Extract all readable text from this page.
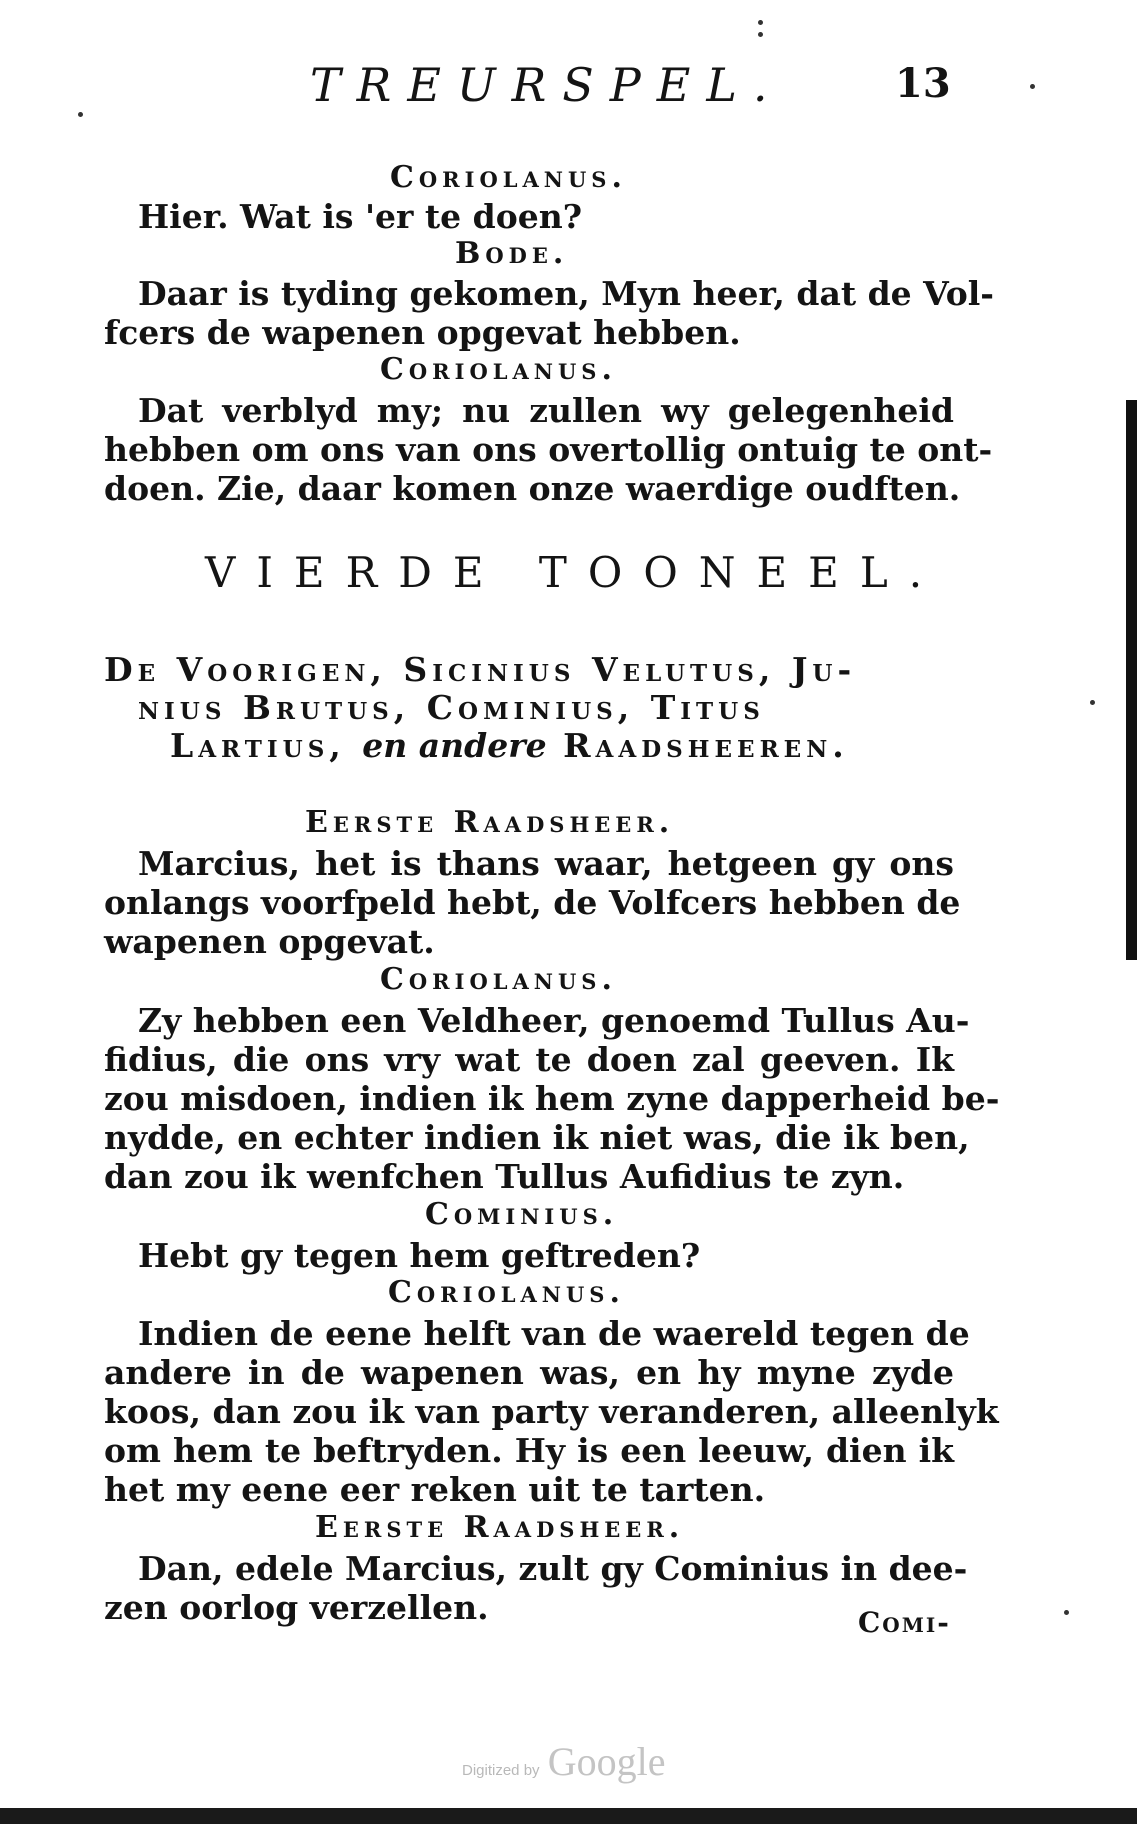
TREURSPEL.	13
Coriolanus.
Hier. Wat is 'er te doen?
Bode.
Daar is tyding gekomen, Myn heer, dat de Vol-
fcers de wapenen opgevat hebben.
Coriolanus.
Dat verblyd my; nu zullen wy gelegenheid
hebben om ons van ons overtollig ontuig te ont-
doen. Zie, daar komen onze waerdige oudften.
VIERDE TOONEEL.
De Voorigen, Sicinius Velutus, Ju-
nius Brutus, Cominius, Titus
Lartius, en andere Raadsheeren.
Eerste Raadsheer.
Marcius, het is thans waar, hetgeen gy ons
onlangs voorfpeld hebt, de Volfcers hebben de
wapenen opgevat.
Coriolanus.
Zy hebben een Veldheer, genoemd Tullus Au-
fidius, die ons vry wat te doen zal geeven. Ik
zou misdoen, indien ik hem zyne dapperheid be-
nydde, en echter indien ik niet was, die ik ben,
dan zou ik wenfchen Tullus Aufidius te zyn.
Cominius.
Hebt gy tegen hem geftreden?
Coriolanus.
Indien de eene helft van de waereld tegen de
andere in de wapenen was, en hy myne zyde
koos, dan zou ik van party veranderen, alleenlyk
om hem te beftryden. Hy is een leeuw, dien ik
het my eene eer reken uit te tarten.
Eerste Raadsheer.
Dan, edele Marcius, zult gy Cominius in dee-
zen oorlog verzellen.	Comi-
Digitized by Google
